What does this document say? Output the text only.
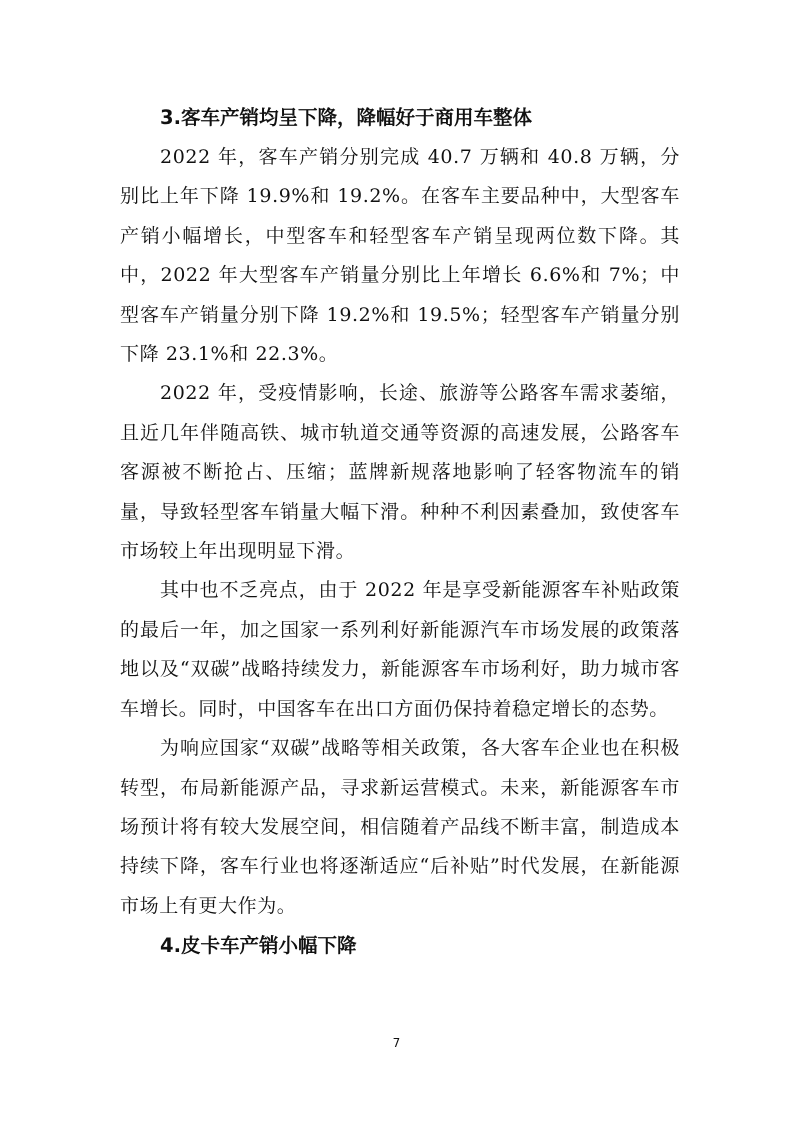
3.客车产销均呈下降，降幅好于商用车整体

2022 年，客车产销分别完成 40.7 万辆和 40.8 万辆，分别比上年下降 19.9%和 19.2%。在客车主要品种中，大型客车产销小幅增长，中型客车和轻型客车产销呈现两位数下降。其中，2022 年大型客车产销量分别比上年增长 6.6%和 7%；中型客车产销量分别下降 19.2%和 19.5%；轻型客车产销量分别下降 23.1%和 22.3%。

2022 年，受疫情影响，长途、旅游等公路客车需求萎缩，且近几年伴随高铁、城市轨道交通等资源的高速发展，公路客车客源被不断抢占、压缩；蓝牌新规落地影响了轻客物流车的销量，导致轻型客车销量大幅下滑。种种不利因素叠加，致使客车市场较上年出现明显下滑。

其中也不乏亮点，由于 2022 年是享受新能源客车补贴政策的最后一年，加之国家一系列利好新能源汽车市场发展的政策落地以及“双碳”战略持续发力，新能源客车市场利好，助力城市客车增长。同时，中国客车在出口方面仍保持着稳定增长的态势。

为响应国家“双碳”战略等相关政策，各大客车企业也在积极转型，布局新能源产品，寻求新运营模式。未来，新能源客车市场预计将有较大发展空间，相信随着产品线不断丰富，制造成本持续下降，客车行业也将逐渐适应“后补贴”时代发展，在新能源市场上有更大作为。

4.皮卡车产销小幅下降
7
